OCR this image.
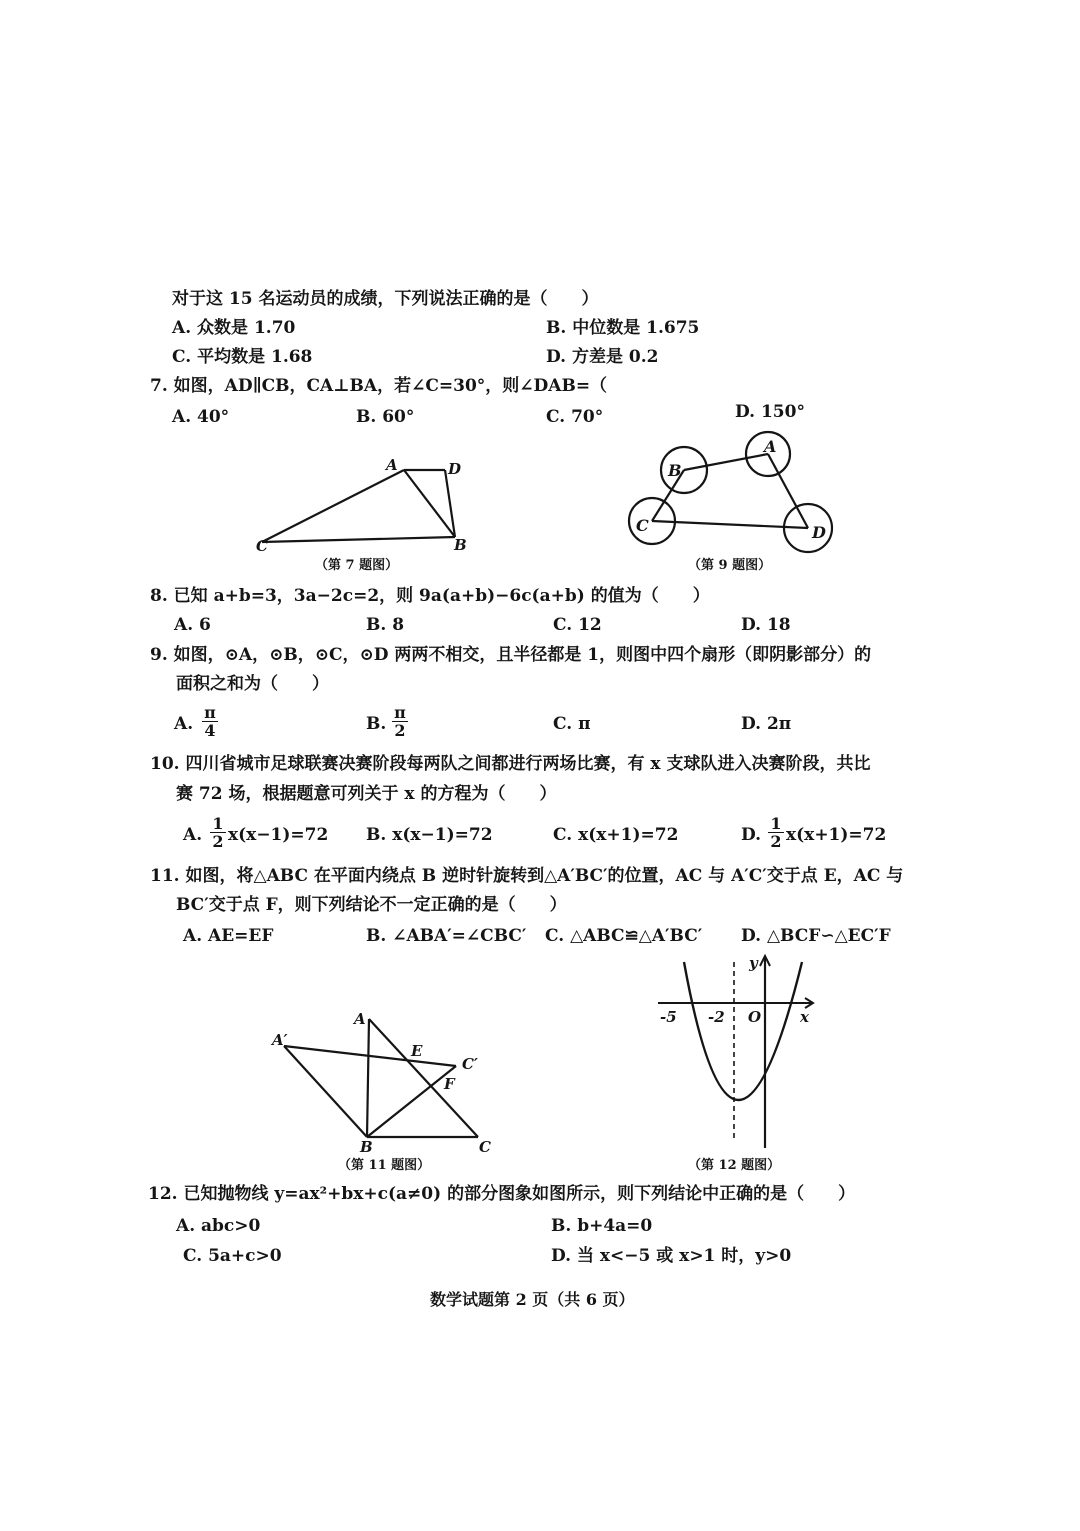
对于这 15 名运动员的成绩，下列说法正确的是（　　）
A. 众数是 1.70	B. 中位数是 1.675
C. 平均数是 1.68	D. 方差是 0.2
7. 如图，AD∥CB，CA⊥BA，若∠C=30°，则∠DAB=（
A. 40°	B. 60°	C. 70°	D. 150°
A	D
C	B
（第 7 题图）
A
B
C	D
（第 9 题图）
8. 已知 a+b=3，3a−2c=2，则 9a(a+b)−6c(a+b) 的值为（　　）
A. 6	B. 8	C. 12	D. 18
9. 如图，⊙A，⊙B，⊙C，⊙D 两两不相交，且半径都是 1，则图中四个扇形（即阴影部分）的
面积之和为（　　）
A.
π
4	B.
π
2	C. π	D. 2π
10. 四川省城市足球联赛决赛阶段每两队之间都进行两场比赛，有 x 支球队进入决赛阶段，共比
赛 72 场，根据题意可列关于 x 的方程为（　　）
A.
1
2 x(x−1)=72 B. x(x−1)=72	C. x(x+1)=72	D.
1
2 x(x+1)=72
11. 如图，将△ABC 在平面内绕点 B 逆时针旋转到△A′BC′的位置，AC 与 A′C′交于点 E，AC 与
BC′交于点 F，则下列结论不一定正确的是（　　）
A. AE=EF	B. ∠ABA′=∠CBC′ C. △ABC≌△A′BC′ D. △BCF∽△EC′F
A
A′
E
C′
F
B	C
（第 11 题图）
y
x
O
-5 -2
（第 12 题图）
12. 已知抛物线 y=ax²+bx+c(a≠0) 的部分图象如图所示，则下列结论中正确的是（　　）
A. abc>0	B. b+4a=0
C. 5a+c>0	D. 当 x<−5 或 x>1 时，y>0
数学试题第 2 页（共 6 页）
